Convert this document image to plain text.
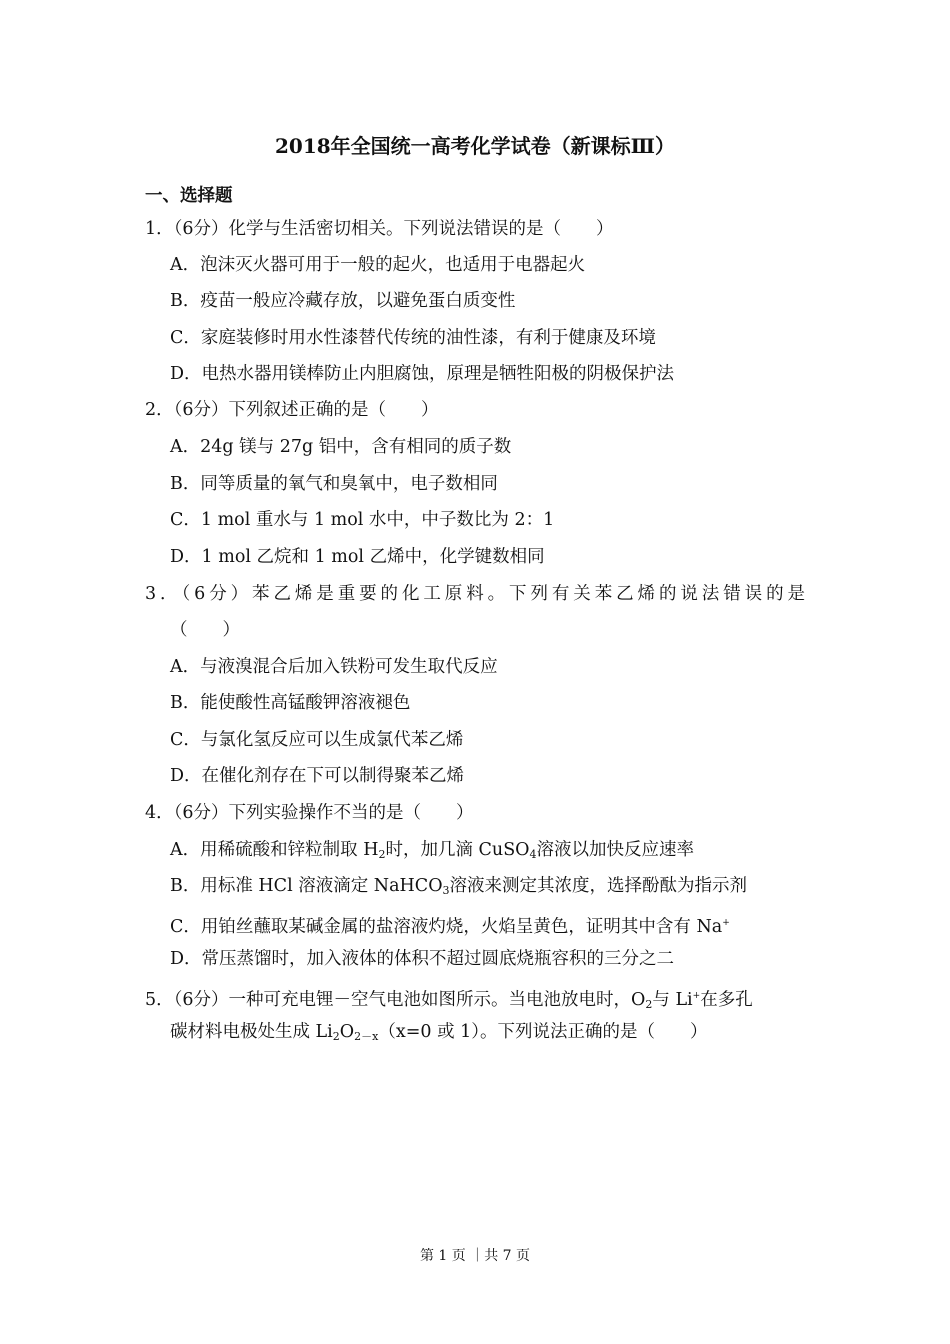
2018年全国统一高考化学试卷（新课标Ⅲ）
一、选择题
1．（6分）化学与生活密切相关。下列说法错误的是（　　）
A．泡沫灭火器可用于一般的起火，也适用于电器起火
B．疫苗一般应冷藏存放，以避免蛋白质变性
C．家庭装修时用水性漆替代传统的油性漆，有利于健康及环境
D．电热水器用镁棒防止内胆腐蚀，原理是牺牲阳极的阴极保护法
2．（6分）下列叙述正确的是（　　）
A．24g 镁与 27g 铝中，含有相同的质子数
B．同等质量的氧气和臭氧中，电子数相同
C．1 mol 重水与 1 mol 水中，中子数比为 2：1
D．1 mol 乙烷和 1 mol 乙烯中，化学键数相同
3．（6分）苯乙烯是重要的化工原料。下列有关苯乙烯的说法错误的是
（　　）
A．与液溴混合后加入铁粉可发生取代反应
B．能使酸性高锰酸钾溶液褪色
C．与氯化氢反应可以生成氯代苯乙烯
D．在催化剂存在下可以制得聚苯乙烯
4．（6分）下列实验操作不当的是（　　）
A．用稀硫酸和锌粒制取 $H_2$时，加几滴 CuSO$_4$溶液以加快反应速率
B．用标准 HCl 溶液滴定 NaHCO$_3$溶液来测定其浓度，选择酚酞为指示剂
C．用铂丝蘸取某碱金属的盐溶液灼烧，火焰呈黄色，证明其中含有 Na+
D．常压蒸馏时，加入液体的体积不超过圆底烧瓶容积的三分之二
5．（6分）一种可充电锂－空气电池如图所示。当电池放电时，$O_2$与 Li+在多孔
碳材料电极处生成 $Li_2O_{2-x}(x=0$ 或 1）。下列说法正确的是（　　）
第 1 页 ｜共 7 页
